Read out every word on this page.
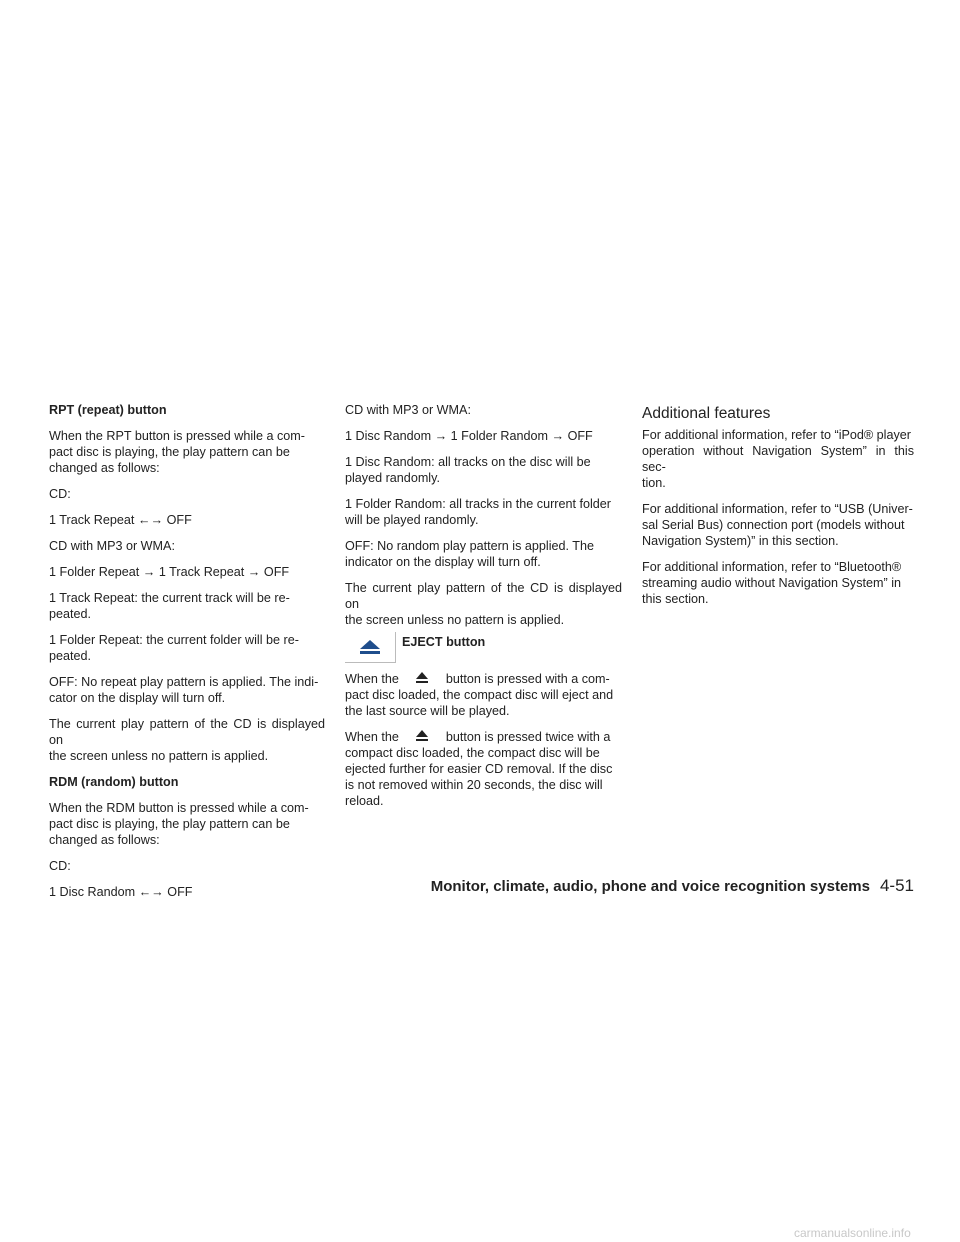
RPT (repeat) button

When the RPT button is pressed while a com-
pact disc is playing, the play pattern can be
changed as follows:

CD:

1 Track Repeat ←→ OFF

CD with MP3 or WMA:

1 Folder Repeat → 1 Track Repeat → OFF

1 Track Repeat: the current track will be re-
peated.

1 Folder Repeat: the current folder will be re-
peated.

OFF: No repeat play pattern is applied. The indi-
cator on the display will turn off.

The current play pattern of the CD is displayed on
the screen unless no pattern is applied.

RDM (random) button

When the RDM button is pressed while a com-
pact disc is playing, the play pattern can be
changed as follows:

CD:

1 Disc Random ←→ OFF

CD with MP3 or WMA:

1 Disc Random → 1 Folder Random → OFF

1 Disc Random: all tracks on the disc will be
played randomly.

1 Folder Random: all tracks in the current folder
will be played randomly.

OFF: No random play pattern is applied. The
indicator on the display will turn off.

The current play pattern of the CD is displayed on
the screen unless no pattern is applied.

EJECT button

When the	button is pressed with a com-
pact disc loaded, the compact disc will eject and
the last source will be played.

When the	button is pressed twice with a
compact disc loaded, the compact disc will be
ejected further for easier CD removal. If the disc
is not removed within 20 seconds, the disc will
reload.

Additional features

For additional information, refer to “iPod® player
operation without Navigation System” in this sec-
tion.

For additional information, refer to “USB (Univer-
sal Serial Bus) connection port (models without
Navigation System)” in this section.

For additional information, refer to “Bluetooth®
streaming audio without Navigation System” in
this section.

Monitor, climate, audio, phone and voice recognition systems 4-51
carmanualsonline.info
